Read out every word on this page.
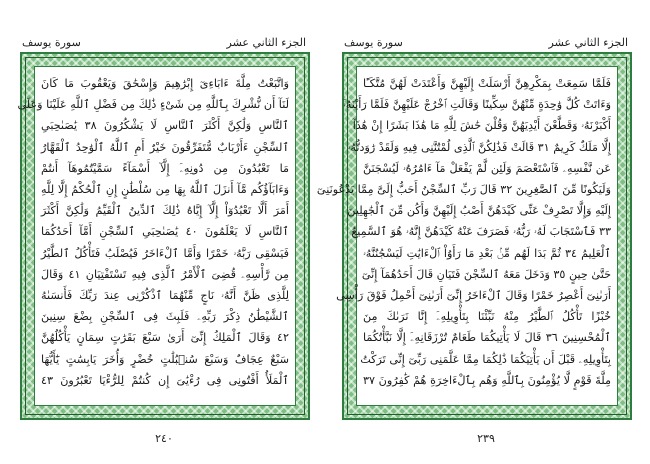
الجزء الثاني عشر
سورة يوسف
وَاتَّبَعْتُ مِلَّةَ ءَابَاءِىٓ إِبْرَٰهِيمَ وَإِسْحَٰقَ وَيَعْقُوبَ مَا كَانَ
لَنَآ أَن نُّشْرِكَ بِٱللَّهِ مِن شَىْءٍ ذَٰلِكَ مِن فَضْلِ ٱللَّهِ عَلَيْنَا وَعَلَى
ٱلنَّاسِ وَلَٰكِنَّ أَكْثَرَ ٱلنَّاسِ لَا يَشْكُرُونَ ٣٨ يَٰصَىٰحِبَىِ
ٱلسِّجْنِ ءَأَرْبَابٌ مُّتَفَرِّقُونَ خَيْرٌ أَمِ ٱللَّهُ ٱلْوَٰحِدُ ٱلْقَهَّارُ
مَا تَعْبُدُونَ مِن دُونِهِۦٓ إِلَّآ أَسْمَآءً سَمَّيْتُمُوهَآ أَنتُمْ
وَءَابَآؤُكُم مَّآ أَنزَلَ ٱللَّهُ بِهَا مِن سُلْطَٰنٍ إِنِ ٱلْحُكْمُ إِلَّا لِلَّهِ
أَمَرَ أَلَّا تَعْبُدُوٓاْ إِلَّآ إِيَّاهُ ذَٰلِكَ ٱلدِّينُ ٱلْقَيِّمُ وَلَٰكِنَّ أَكْثَرَ
ٱلنَّاسِ لَا يَعْلَمُونَ ٤٠ يَٰصَىٰحِبَىِ ٱلسِّجْنِ أَمَّآ أَحَدُكُمَا
فَيَسْقِى رَبَّهُۥ خَمْرًا وَأَمَّا ٱلْءَاخَرُ فَيُصْلَبُ فَتَأْكُلُ ٱلطَّيْرُ
مِن رَّأْسِهِۦ قُضِىَ ٱلْأَمْرُ ٱلَّذِى فِيهِ تَسْتَفْتِيَانِ ٤١ وَقَالَ
لِلَّذِى ظَنَّ أَنَّهُۥ نَاجٍ مِّنْهُمَا ٱذْكُرْنِى عِندَ رَبِّكَ فَأَنسَىٰهُ
ٱلشَّيْطَٰنُ ذِكْرَ رَبِّهِۦ فَلَبِثَ فِى ٱلسِّجْنِ بِضْعَ سِنِينَ
٤٢ وَقَالَ ٱلْمَلِكُ إِنِّىٓ أَرَىٰ سَبْعَ بَقَرَٰتٍ سِمَانٍ يَأْكُلُهُنَّ
سَبْعٌ عِجَافٌ وَسَبْعَ سُنۢبُلَٰتٍ خُضْرٍ وَأُخَرَ يَابِسَٰتٍ يَٰٓأَيُّهَا
ٱلْمَلَأُ أَفْتُونِى فِى رُءْيَٰىَ إِن كُنتُمْ لِلرُّءْيَا تَعْبُرُونَ ٤٣
٢٤٠
الجزء الثاني عشر
سورة يوسف
فَلَمَّا سَمِعَتْ بِمَكْرِهِنَّ أَرْسَلَتْ إِلَيْهِنَّ وَأَعْتَدَتْ لَهُنَّ مُتَّكَـًٔا
وَءَاتَتْ كُلَّ وَٰحِدَةٍ مِّنْهُنَّ سِكِّينًا وَقَالَتِ ٱخْرُجْ عَلَيْهِنَّ فَلَمَّا رَأَيْنَهُۥٓ
أَكْبَرْنَهُۥ وَقَطَّعْنَ أَيْدِيَهُنَّ وَقُلْنَ حَٰشَ لِلَّهِ مَا هَٰذَا بَشَرًا إِنْ هَٰذَآ
إِلَّا مَلَكٌ كَرِيمٌ ٣١ قَالَتْ فَذَٰلِكُنَّ ٱلَّذِى لُمْتُنَّنِى فِيهِ وَلَقَدْ رَٰوَدتُّهُۥ
عَن نَّفْسِهِۦ فَٱسْتَعْصَمَ وَلَئِن لَّمْ يَفْعَلْ مَآ ءَامُرُهُۥ لَيُسْجَنَنَّ
وَلَيَكُونًا مِّنَ ٱلصَّٰغِرِينَ ٣٢ قَالَ رَبِّ ٱلسِّجْنُ أَحَبُّ إِلَىَّ مِمَّا يَدْعُونَنِىٓ
إِلَيْهِ وَإِلَّا تَصْرِفْ عَنِّى كَيْدَهُنَّ أَصْبُ إِلَيْهِنَّ وَأَكُن مِّنَ ٱلْجَٰهِلِينَ
٣٣ فَٱسْتَجَابَ لَهُۥ رَبُّهُۥ فَصَرَفَ عَنْهُ كَيْدَهُنَّ إِنَّهُۥ هُوَ ٱلسَّمِيعُ
ٱلْعَلِيمُ ٣٤ ثُمَّ بَدَا لَهُم مِّنۢ بَعْدِ مَا رَأَوُاْ ٱلْءَايَٰتِ لَيَسْجُنُنَّهُۥ
حَتَّىٰ حِينٍ ٣٥ وَدَخَلَ مَعَهُ ٱلسِّجْنَ فَتَيَانِ قَالَ أَحَدُهُمَآ إِنِّىٓ
أَرَىٰنِىٓ أَعْصِرُ خَمْرًا وَقَالَ ٱلْءَاخَرُ إِنِّىٓ أَرَىٰنِىٓ أَحْمِلُ فَوْقَ رَأْسِى
خُبْزًا تَأْكُلُ ٱلطَّيْرُ مِنْهُ نَبِّئْنَا بِتَأْوِيلِهِۦٓ إِنَّا نَرَىٰكَ مِنَ
ٱلْمُحْسِنِينَ ٣٦ قَالَ لَا يَأْتِيكُمَا طَعَامٌ تُرْزَقَانِهِۦٓ إِلَّا نَبَّأْتُكُمَا
بِتَأْوِيلِهِۦ قَبْلَ أَن يَأْتِيَكُمَا ذَٰلِكُمَا مِمَّا عَلَّمَنِى رَبِّىٓ إِنِّى تَرَكْتُ
مِلَّةَ قَوْمٍ لَّا يُؤْمِنُونَ بِٱللَّهِ وَهُم بِٱلْءَاخِرَةِ هُمْ كَٰفِرُونَ ٣٧
٢٣٩
